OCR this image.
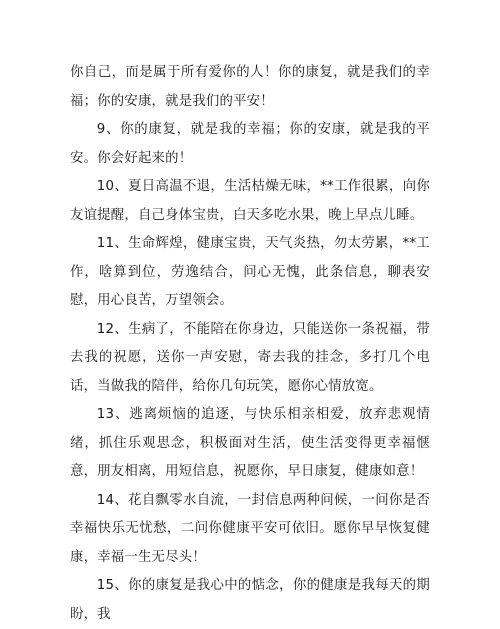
你自己，而是属于所有爱你的人！你的康复，就是我们的幸福；你的安康，就是我们的平安！

9、你的康复，就是我的幸福；你的安康，就是我的平安。你会好起来的！

10、夏日高温不退，生活枯燥无味，**工作很累，向你友谊提醒，自己身体宝贵，白天多吃水果，晚上早点儿睡。

11、生命辉煌，健康宝贵，天气炎热，勿太劳累，**工作，啥算到位，劳逸结合，问心无愧，此条信息，聊表安慰，用心良苦，万望领会。

12、生病了，不能陪在你身边，只能送你一条祝福，带去我的祝愿，送你一声安慰，寄去我的挂念，多打几个电话，当做我的陪伴，给你几句玩笑，愿你心情放宽。

13、逃离烦恼的追逐，与快乐相亲相爱，放弃悲观情绪，抓住乐观思念，积极面对生活，使生活变得更幸福惬意，朋友相离，用短信息，祝愿你，早日康复，健康如意！

14、花自飘零水自流，一封信息两种问候，一问你是否幸福快乐无忧愁，二问你健康平安可依旧。愿你早早恢复健康，幸福一生无尽头！

15、你的康复是我心中的惦念，你的健康是我每天的期盼，我
